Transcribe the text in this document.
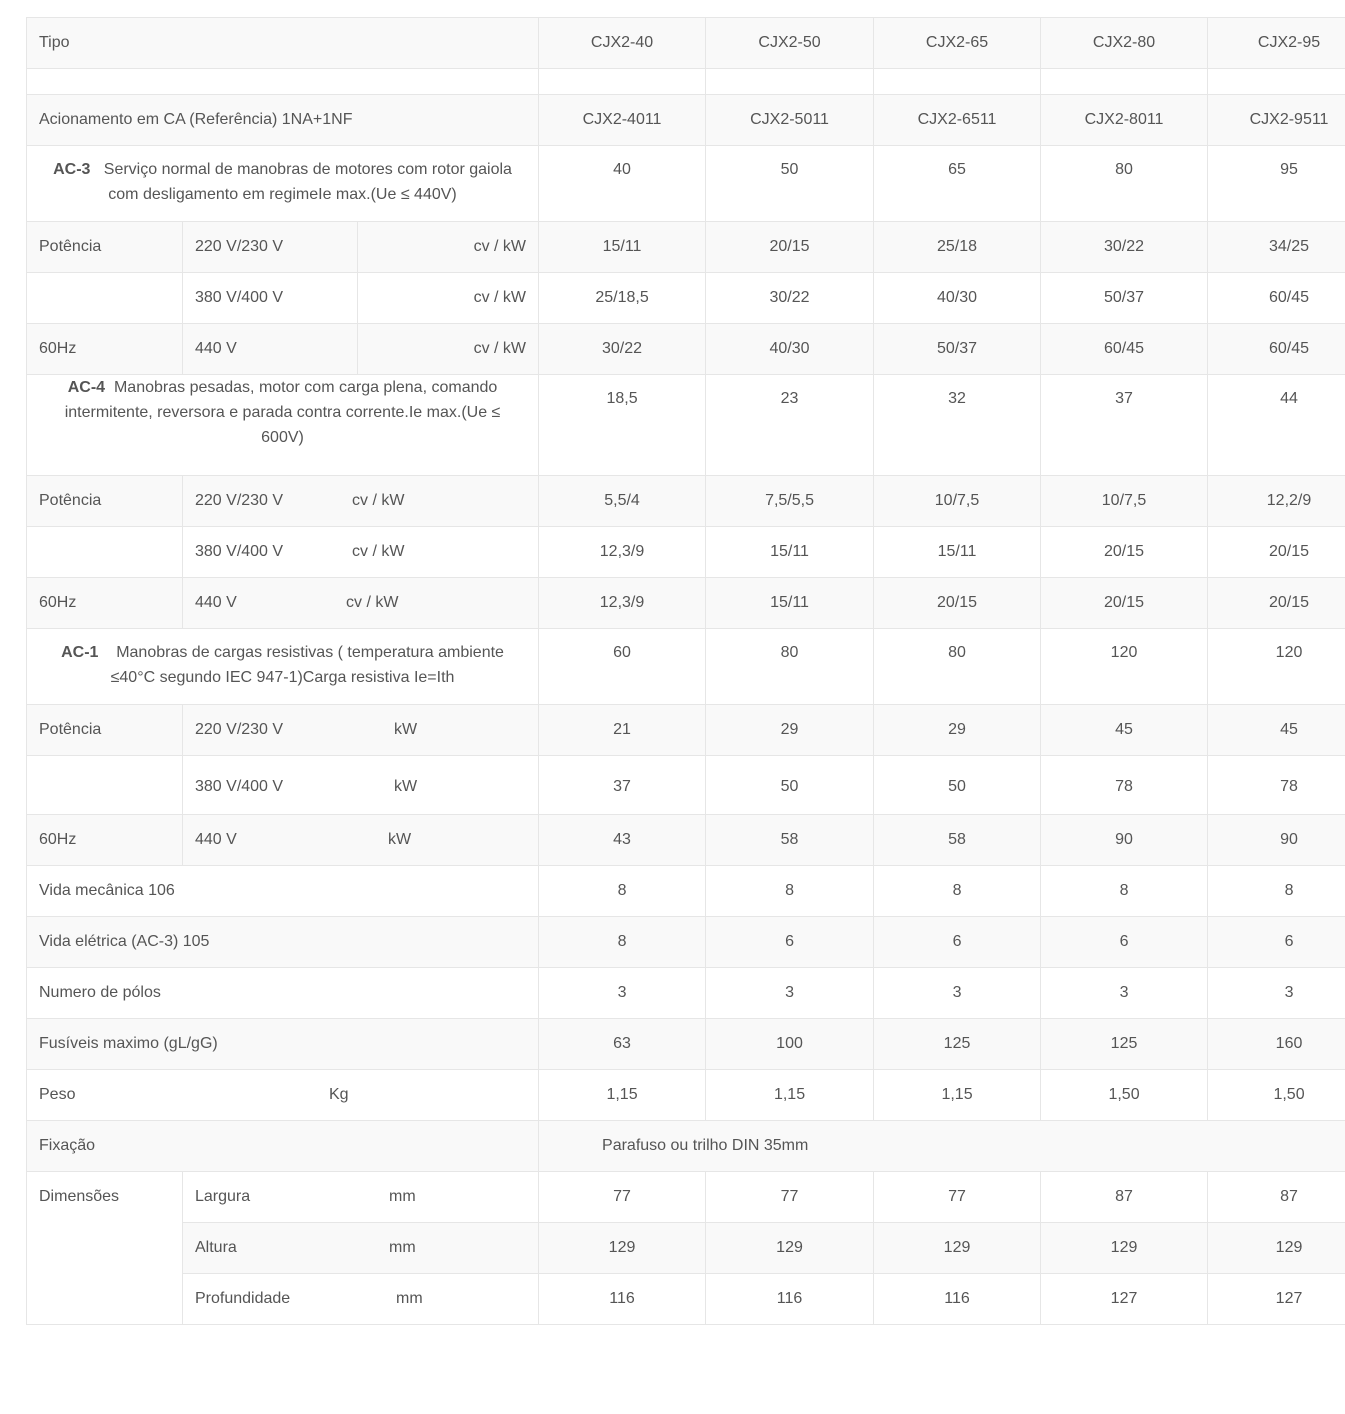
Tipo			CJX2-40	CJX2-50	CJX2-65	CJX2-80	CJX2-95

Acionamento em CA (Referência) 1NA+1NF			CJX2-4011	CJX2-5011	CJX2-6511	CJX2-8011	CJX2-9511

AC-3 Serviço normal de manobras de motores com rotor gaiola com desligamento em regimeIe max.(Ue ≤ 440V)			40	50	65	80	95

Potência	220 V/230 V	cv / kW	15/11	20/15	25/18	30/22	34/25

	380 V/400 V	cv / kW	25/18,5	30/22	40/30	50/37	60/45

60Hz	440 V	cv / kW	30/22	40/30	50/37	60/45	60/45

AC-4 Manobras pesadas, motor com carga plena, comando intermitente, reversora e parada contra corrente.Ie max.(Ue ≤ 600V)			18,5	23	32	37	44

Potência	220 V/230 V cv / kW		5,5/4	7,5/5,5	10/7,5	10/7,5	12,2/9

	380 V/400 V cv / kW		12,3/9	15/11	15/11	20/15	20/15

60Hz	440 V cv / kW		12,3/9	15/11	20/15	20/15	20/15

AC-1 Manobras de cargas resistivas ( temperatura ambiente ≤40°C segundo IEC 947-1)Carga resistiva Ie=Ith			60	80	80	120	120

Potência	220 V/230 V kW		21	29	29	45	45

	380 V/400 V kW		37	50	50	78	78

60Hz	440 V kW		43	58	58	90	90

Vida mecânica 106			8	8	8	8	8

Vida elétrica (AC-3) 105			8	6	6	6	6

Numero de pólos			3	3	3	3	3

Fusíveis maximo (gL/gG)			63	100	125	125	160

Peso Kg			1,15	1,15	1,15	1,50	1,50

Fixação			Parafuso ou trilho DIN 35mm				

Dimensões	Largura mm		77	77	77	87	87

	Altura mm		129	129	129	129	129

	Profundidade mm		116	116	116	127	127
